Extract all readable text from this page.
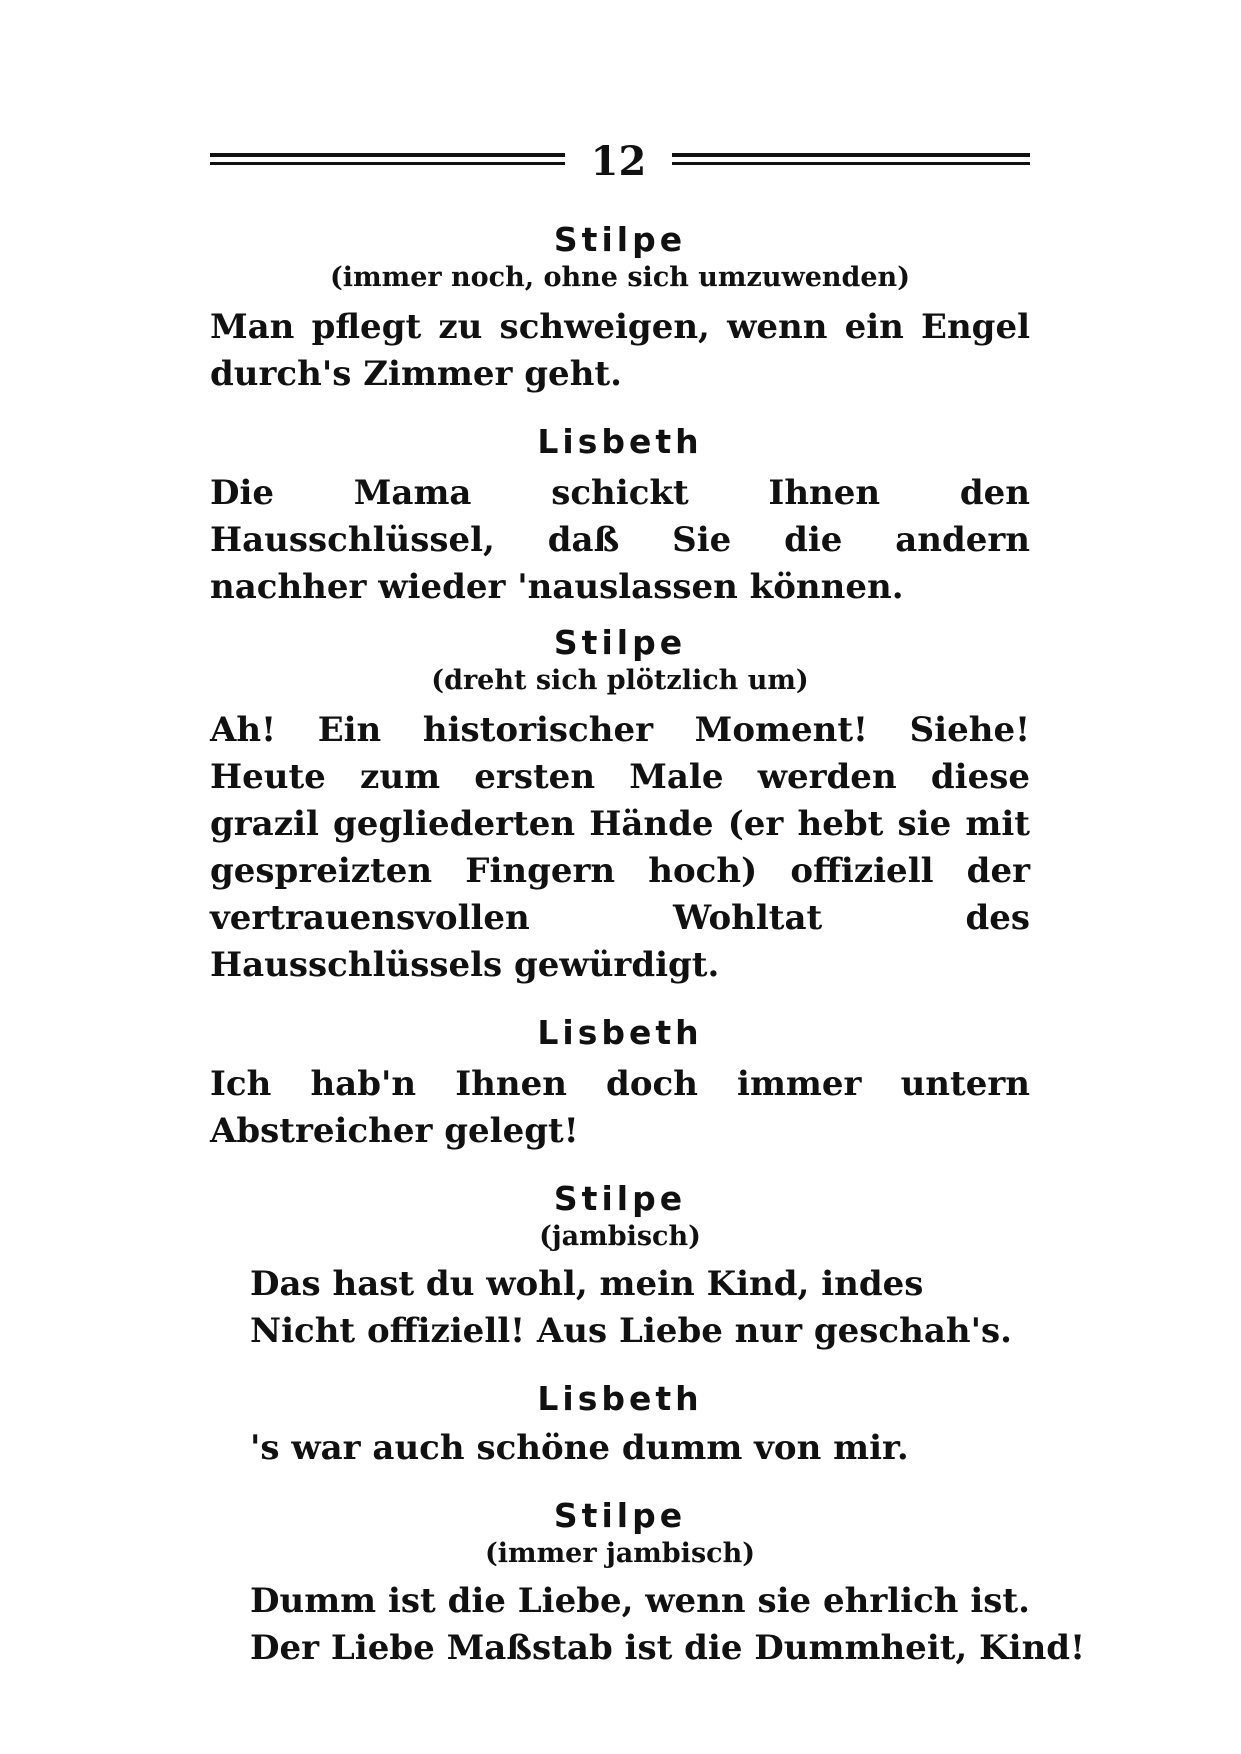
12

Stilpe

(immer noch, ohne sich umzuwenden)

Man pflegt zu schweigen, wenn ein Engel durch's Zimmer geht.

Lisbeth

Die Mama schickt Ihnen den Hausschlüssel, daß Sie die andern nachher wieder 'nauslassen können.

Stilpe

(dreht sich plötzlich um)

Ah! Ein historischer Moment! Siehe! Heute zum ersten Male werden diese grazil gegliederten Hände (er hebt sie mit gespreizten Fingern hoch) offiziell der vertrauensvollen Wohltat des Hausschlüssels gewürdigt.

Lisbeth

Ich hab'n Ihnen doch immer untern Abstreicher gelegt!

Stilpe

(jambisch)

Das hast du wohl, mein Kind, indes
Nicht offiziell! Aus Liebe nur geschah's.

Lisbeth

's war auch schöne dumm von mir.

Stilpe

(immer jambisch)

Dumm ist die Liebe, wenn sie ehrlich ist.
Der Liebe Maßstab ist die Dummheit, Kind!
